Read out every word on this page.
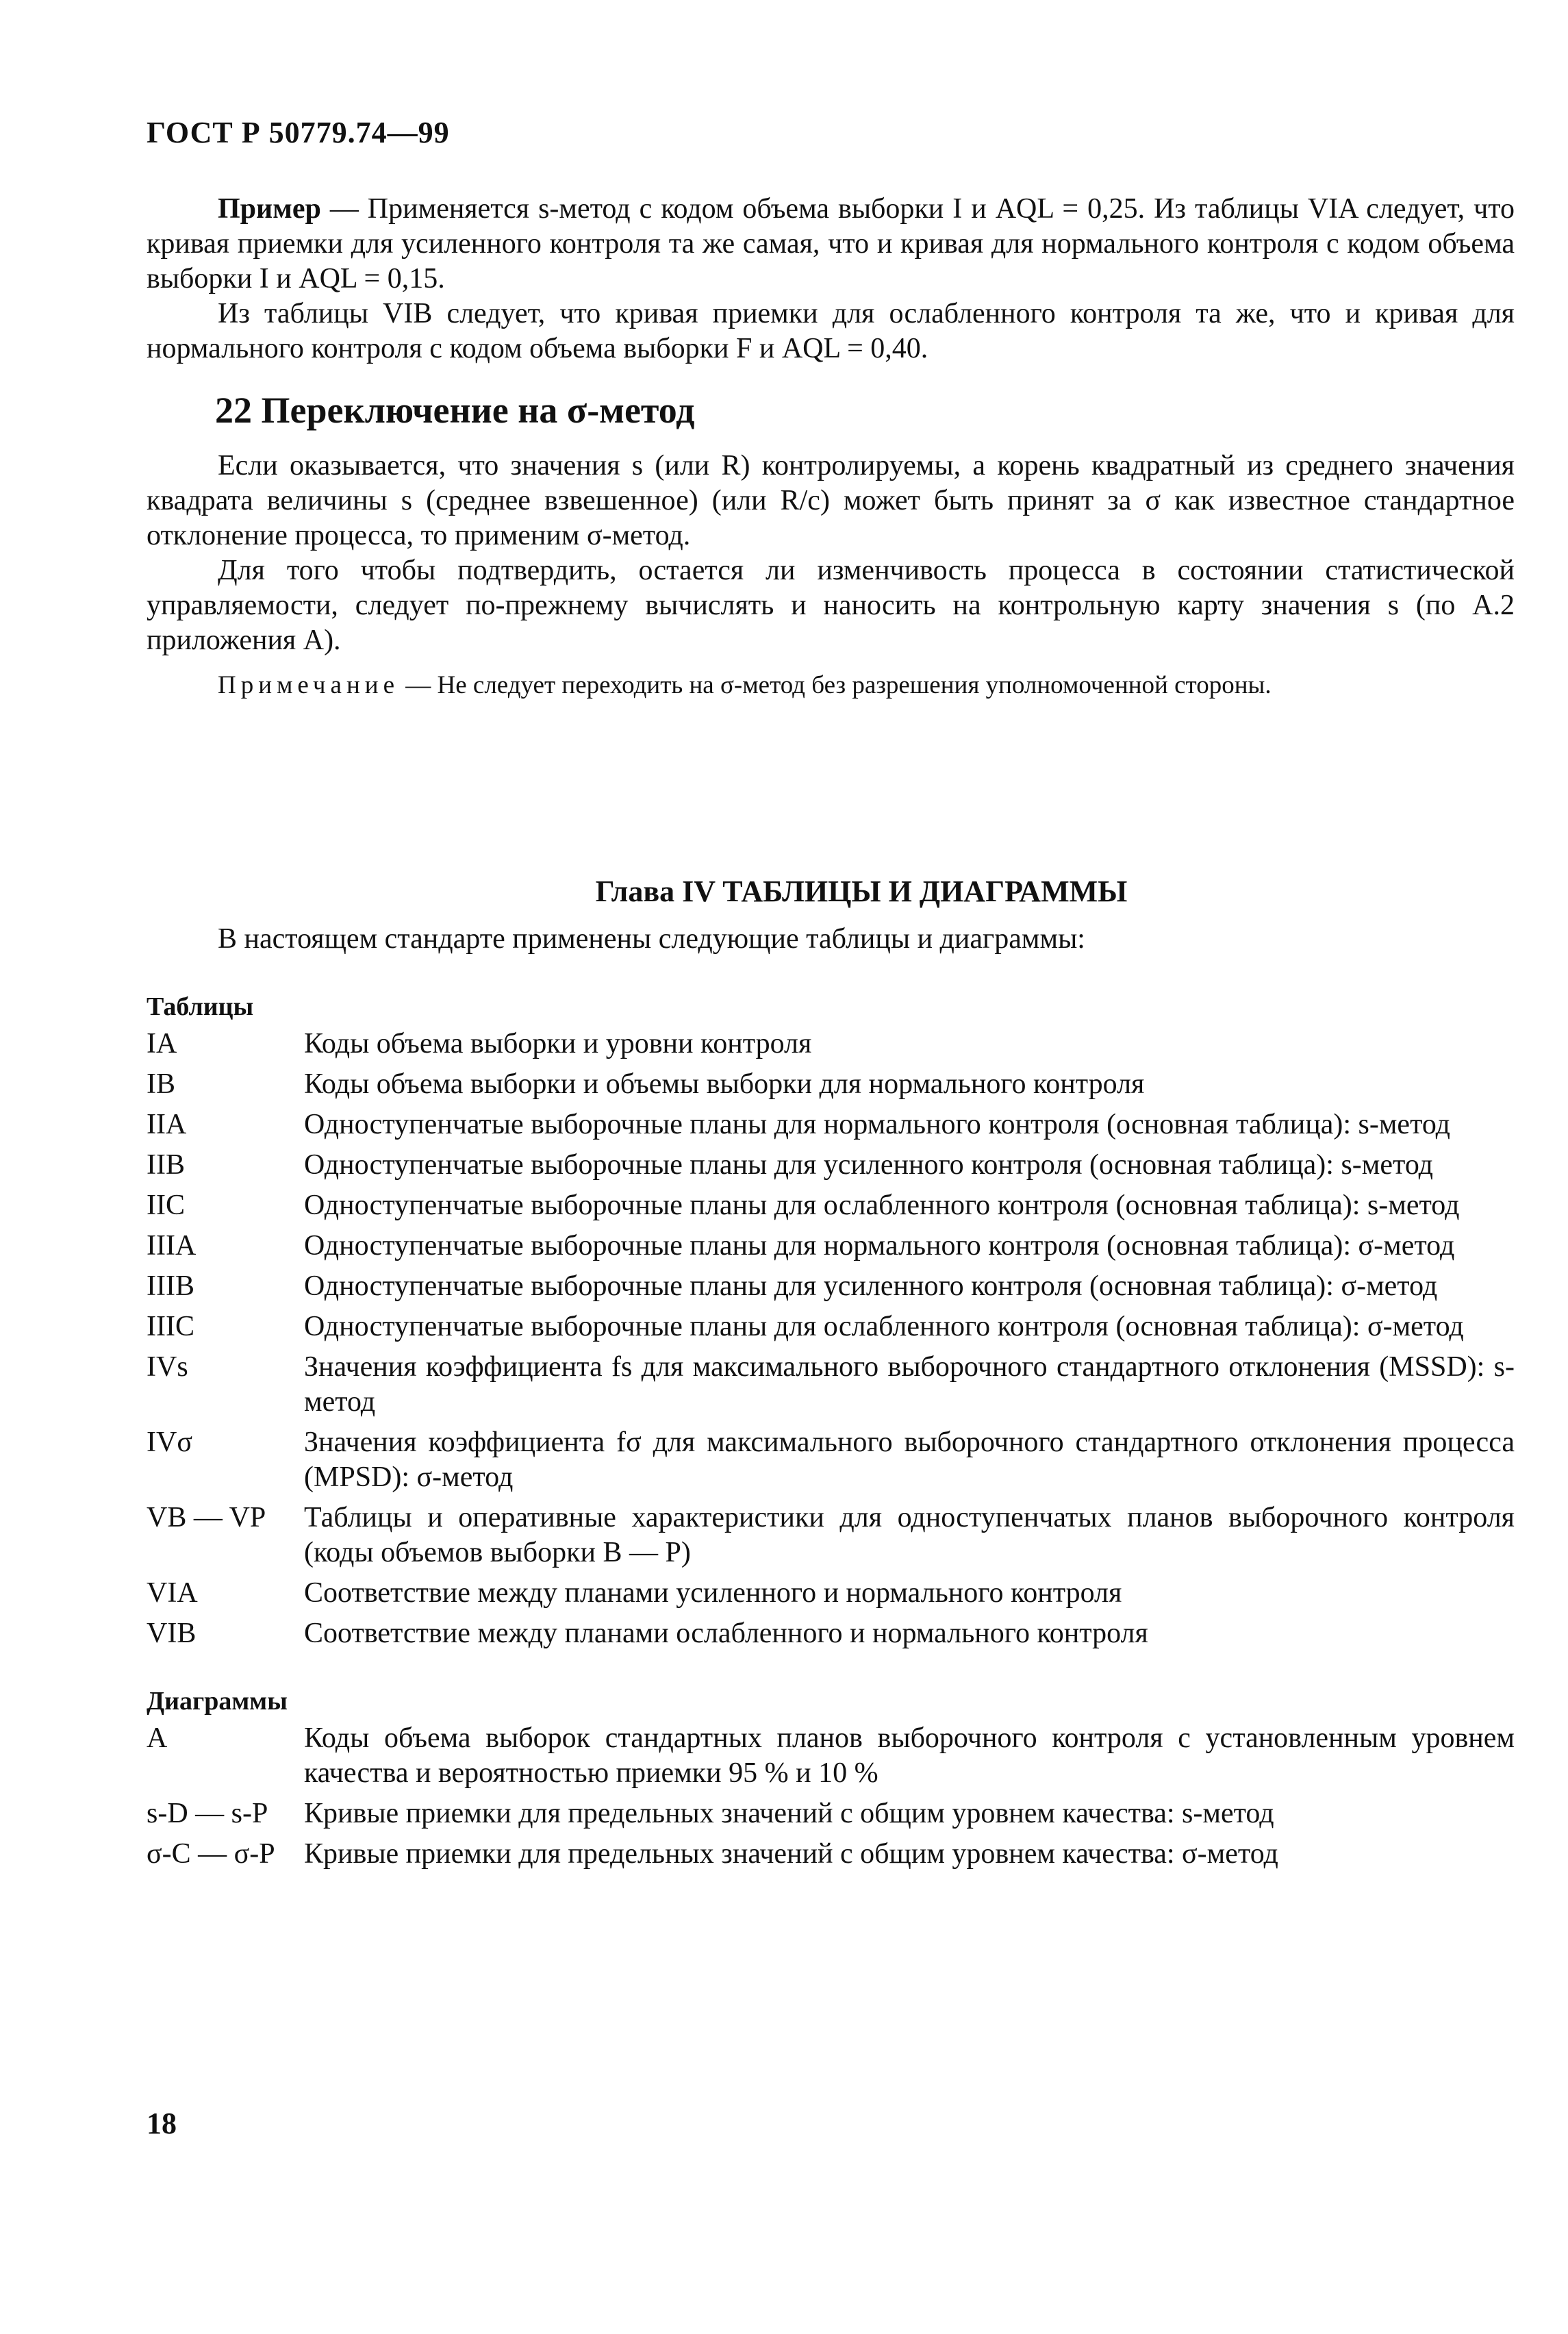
ГОСТ Р 50779.74—99

Пример — Применяется s-метод с кодом объема выборки I и AQL = 0,25. Из таблицы VIA следует, что кривая приемки для усиленного контроля та же самая, что и кривая для нормального контроля с кодом объема выборки I и AQL = 0,15.

Из таблицы VIB следует, что кривая приемки для ослабленного контроля та же, что и кривая для нормального контроля с кодом объема выборки F и AQL = 0,40.

22 Переключение на σ-метод

Если оказывается, что значения s (или R) контролируемы, а корень квадратный из среднего значения квадрата величины s (среднее взвешенное) (или R/c) может быть принят за σ как известное стандартное отклонение процесса, то применим σ-метод.

Для того чтобы подтвердить, остается ли изменчивость процесса в состоянии статистической управляемости, следует по-прежнему вычислять и наносить на контрольную карту значения s (по А.2 приложения А).

Примечание — Не следует переходить на σ-метод без разрешения уполномоченной стороны.

Глава IV ТАБЛИЦЫ И ДИАГРАММЫ

В настоящем стандарте применены следующие таблицы и диаграммы:

Таблицы
IA	Коды объема выборки и уровни контроля
IB	Коды объема выборки и объемы выборки для нормального контроля
IIA	Одноступенчатые выборочные планы для нормального контроля (основная таблица): s-метод
IIB	Одноступенчатые выборочные планы для усиленного контроля (основная таблица): s-метод
IIC	Одноступенчатые выборочные планы для ослабленного контроля (основная таблица): s-метод
IIIA	Одноступенчатые выборочные планы для нормального контроля (основная таблица): σ-метод
IIIB	Одноступенчатые выборочные планы для усиленного контроля (основная таблица): σ-метод
IIIC	Одноступенчатые выборочные планы для ослабленного контроля (основная таблица): σ-метод
IVs	Значения коэффициента fs для максимального выборочного стандартного отклонения (MSSD): s-метод
IVσ	Значения коэффициента fσ для максимального выборочного стандартного отклонения процесса (MPSD): σ-метод
VB — VP	Таблицы и оперативные характеристики для одноступенчатых планов выборочного контроля (коды объемов выборки В — Р)
VIA	Соответствие между планами усиленного и нормального контроля
VIB	Соответствие между планами ослабленного и нормального контроля
Диаграммы
A	Коды объема выборок стандартных планов выборочного контроля с установленным уровнем качества и вероятностью приемки 95 % и 10 %
s-D — s-P	Кривые приемки для предельных значений с общим уровнем качества: s-метод
σ-C — σ-P	Кривые приемки для предельных значений с общим уровнем качества: σ-метод
18
